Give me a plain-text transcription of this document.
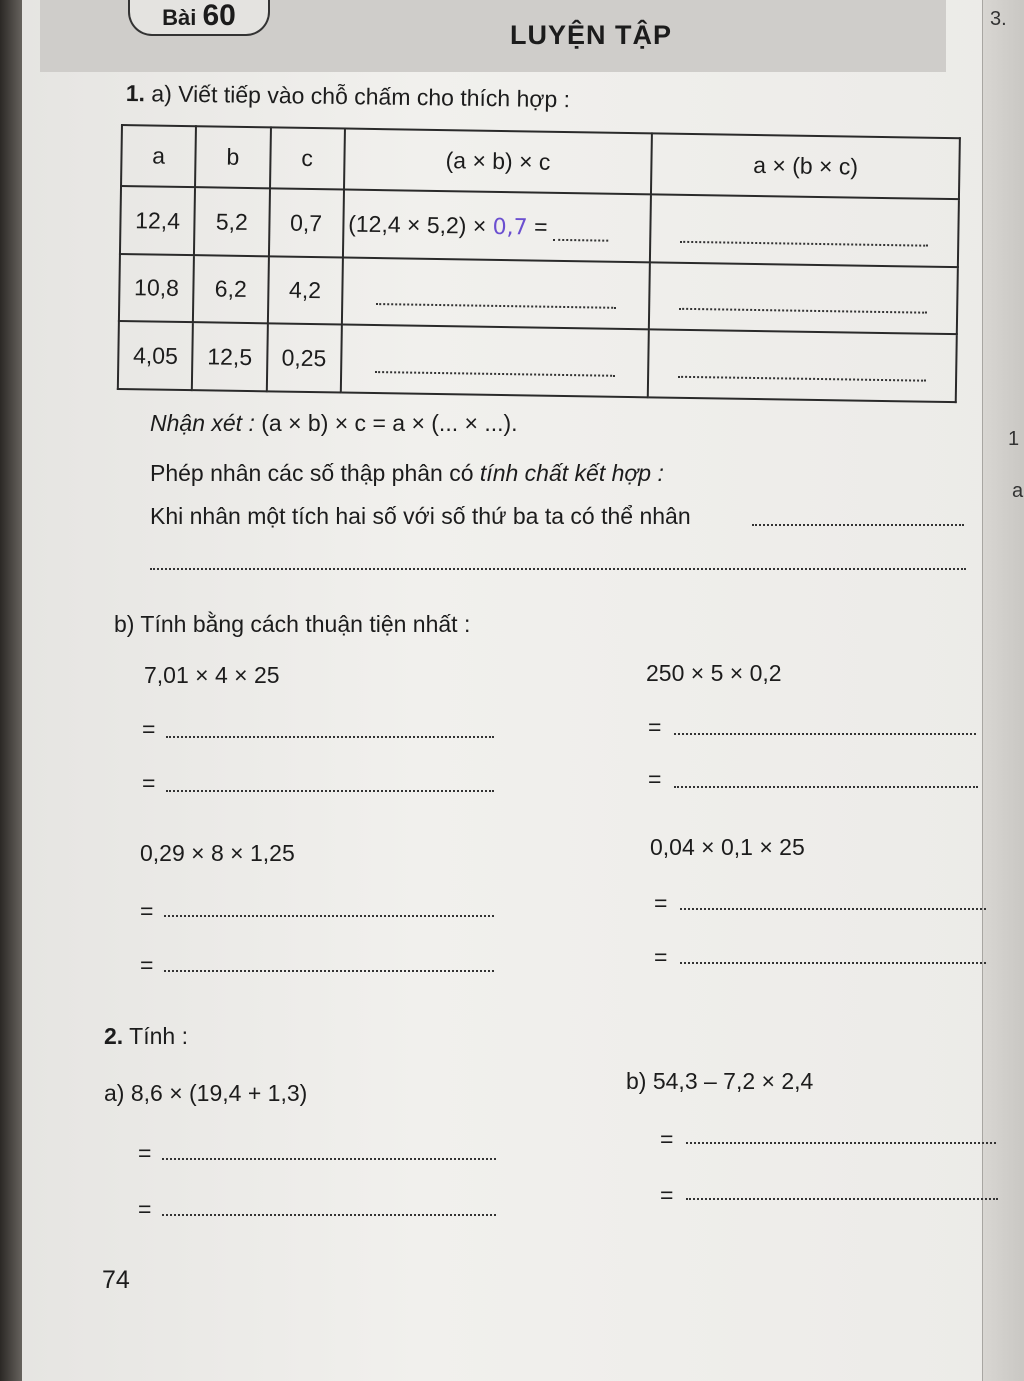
Bài 60
LUYỆN TẬP
3.
1
a
1. a) Viết tiếp vào chỗ chấm cho thích hợp :
a	b	c	(a × b) × c	a × (b × c)
12,4	5,2	0,7	(12,4 × 5,2) × 0,7 =	
10,8	6,2	4,2		
4,05	12,5	0,25		
Nhận xét : (a × b) × c = a × (... × ...).
Phép nhân các số thập phân có tính chất kết hợp :
Khi nhân một tích hai số với số thứ ba ta có thể nhân
b) Tính bằng cách thuận tiện nhất :
7,01 × 4 × 25	250 × 5 × 0,2
=	=
=	=
0,29 × 8 × 1,25	0,04 × 0,1 × 25
=	=
=	=
2. Tính :
a) 8,6 × (19,4 + 1,3)	b) 54,3 – 7,2 × 2,4
=
=
=
=
74
